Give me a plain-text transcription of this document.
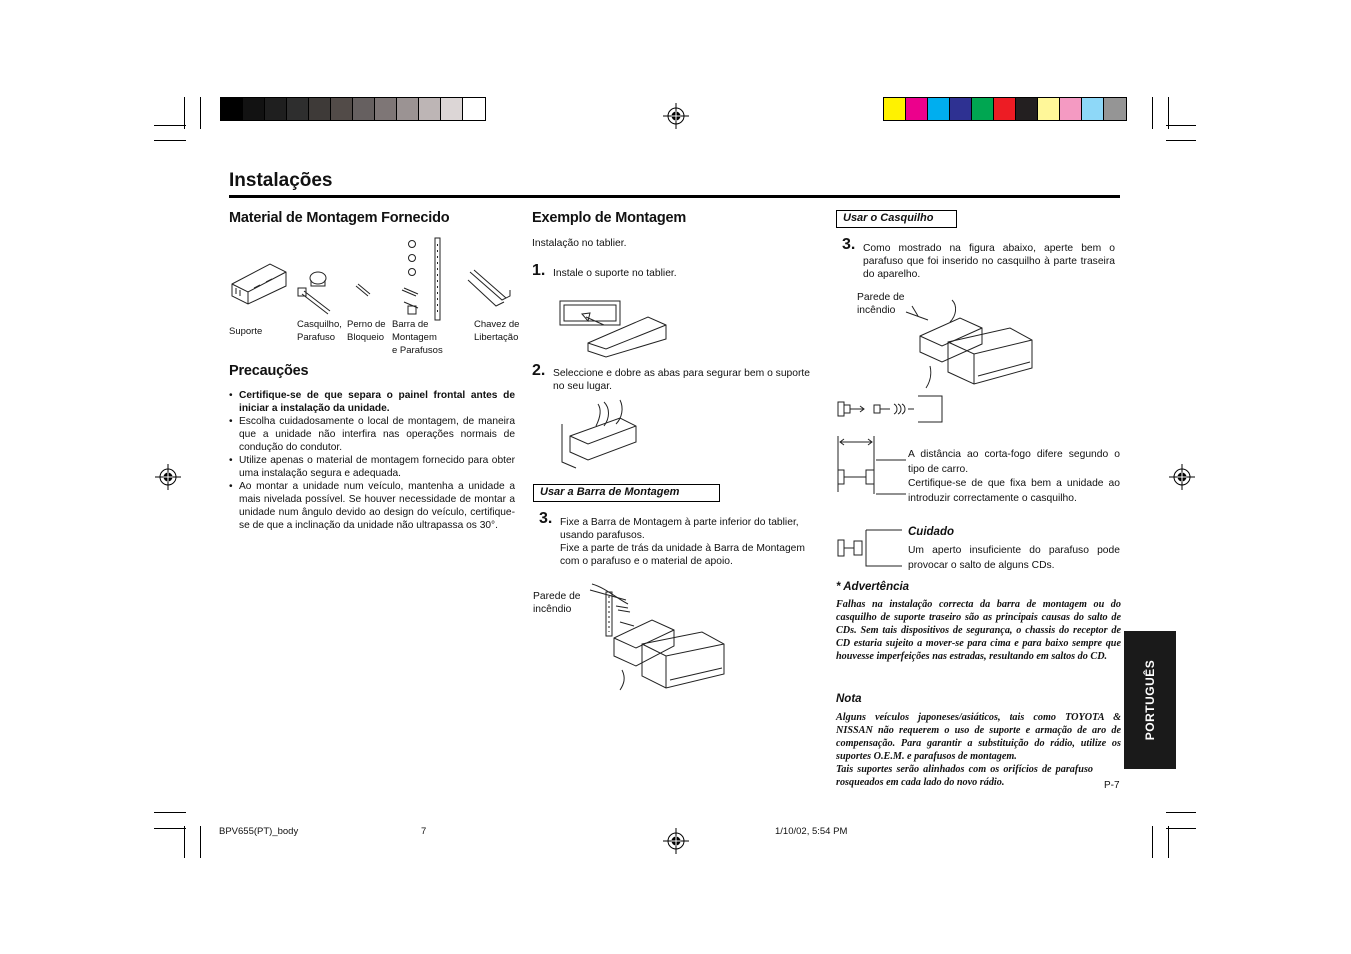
Instalações
Material de Montagem Fornecido
Suporte
Casquilho,
Parafuso
Perno de
Bloqueio
Barra de Montagem
e Parafusos
Chavez de
Libertação
Precauções
• Certifique-se de que separa o painel frontal antes de iniciar a instalação da unidade.
• Escolha cuidadosamente o local de montagem, de maneira que a unidade não interfira nas operações normais de condução do condutor.
• Utilize apenas o material de montagem fornecido para obter uma instalação segura e adequada.
• Ao montar a unidade num veículo, mantenha a unidade a mais nivelada possível. Se houver necessidade de montar a unidade num ângulo devido ao design do veículo, certifique-se de que a inclinação da unidade não ultrapassa os 30°.
Exemplo de Montagem
Instalação no tablier.
1. Instale o suporte no tablier.
2. Seleccione e dobre as abas para segurar bem o suporte no seu lugar.
Usar a Barra de Montagem
3. Fixe a Barra de Montagem à parte inferior do tablier, usando parafusos.
Fixe a parte de trás da unidade à Barra de Montagem com o parafuso e o material de apoio.
Parede de
incêndio
Usar o Casquilho
3. Como mostrado na figura abaixo, aperte bem o parafuso que foi inserido no casquilho à parte traseira do aparelho.
Parede de
incêndio
A distância ao corta-fogo difere segundo o tipo de carro.
Certifique-se de que fixa bem a unidade ao introduzir correctamente o casquilho.
Cuidado
Um aperto insuficiente do parafuso pode provocar o salto de alguns CDs.
* Advertência
Falhas na instalação correcta da barra de montagem ou do casquilho de suporte traseiro são as principais causas do salto de CDs. Sem tais dispositivos de segurança, o chassis do receptor de CD estaria sujeito a mover-se para cima e para baixo sempre que houvesse imperfeições nas estradas, resultando em saltos do CD.
Nota
Alguns veículos japoneses/asiáticos, tais como TOYOTA & NISSAN não requerem o uso de suporte e armação de aro de compensação. Para garantir a substituição do rádio, utilize os suportes O.E.M. e parafusos de montagem.
Tais suportes serão alinhados com os orifícios de parafuso rosqueados em cada lado do novo rádio.	P-7
PORTUGUÊS
BPV655(PT)_body	7	1/10/02, 5:54 PM
